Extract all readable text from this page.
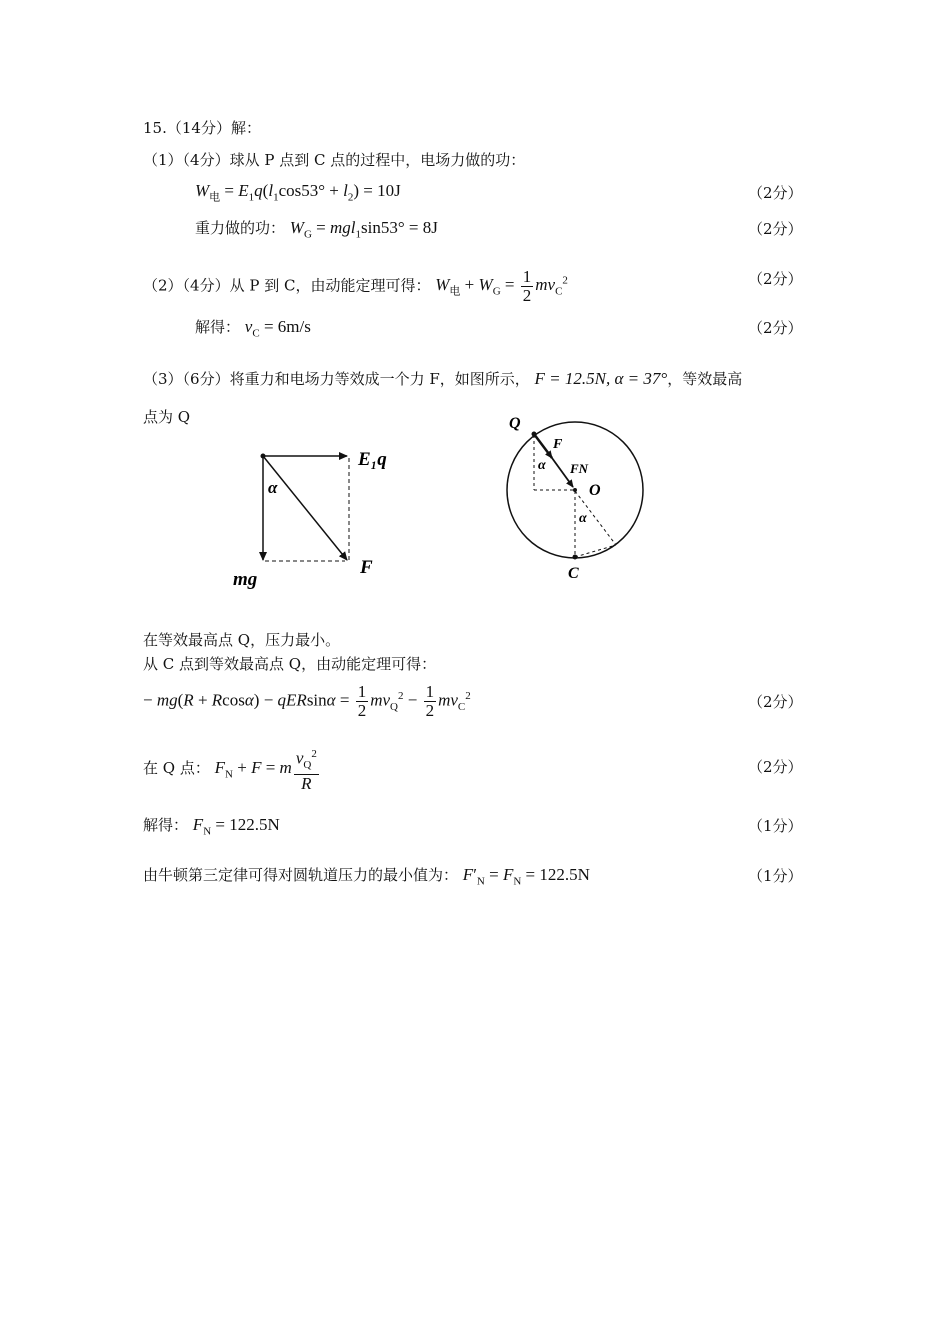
15.（14分）解：
（1）（4分）球从 P 点到 C 点的过程中，电场力做的功：
$W_电 = E_1q(l_1\cos 53^\circ + l_2) = 10J$	（2分）
重力做的功： $W_G = mgl_1\sin 53^\circ = 8J$	（2分）
（2）（4分）从 P 到 C，由动能定理可得： $W_电 + W_G = \frac{1}{2} mv_C^2$	（2分）
解得： $v_C = 6m/s$	（2分）
（3）（6分）将重力和电场力等效成一个力 F，如图所示， F = 12.5N, α = 37°，等效最高
点为 Q
E₁q
α
mg
F
Q
F
FN
α
O
α
C
在等效最高点 Q，压力最小。
从 C 点到等效最高点 Q，由动能定理可得：
− $mg(R + Rcos\alpha) - qERsin\alpha = \frac{1}{2} mv_Q^2 - \frac{1}{2} mv_C^2$	（2分）
在 Q 点： $F_N + F = m \frac{v_Q^2}{R}$	（2分）
解得： $F_N = 122.5N$	（1分）
由牛顿第三定律可得对圆轨道压力的最小值为： $F'_N = F_N = 122.5N$	（1分）
